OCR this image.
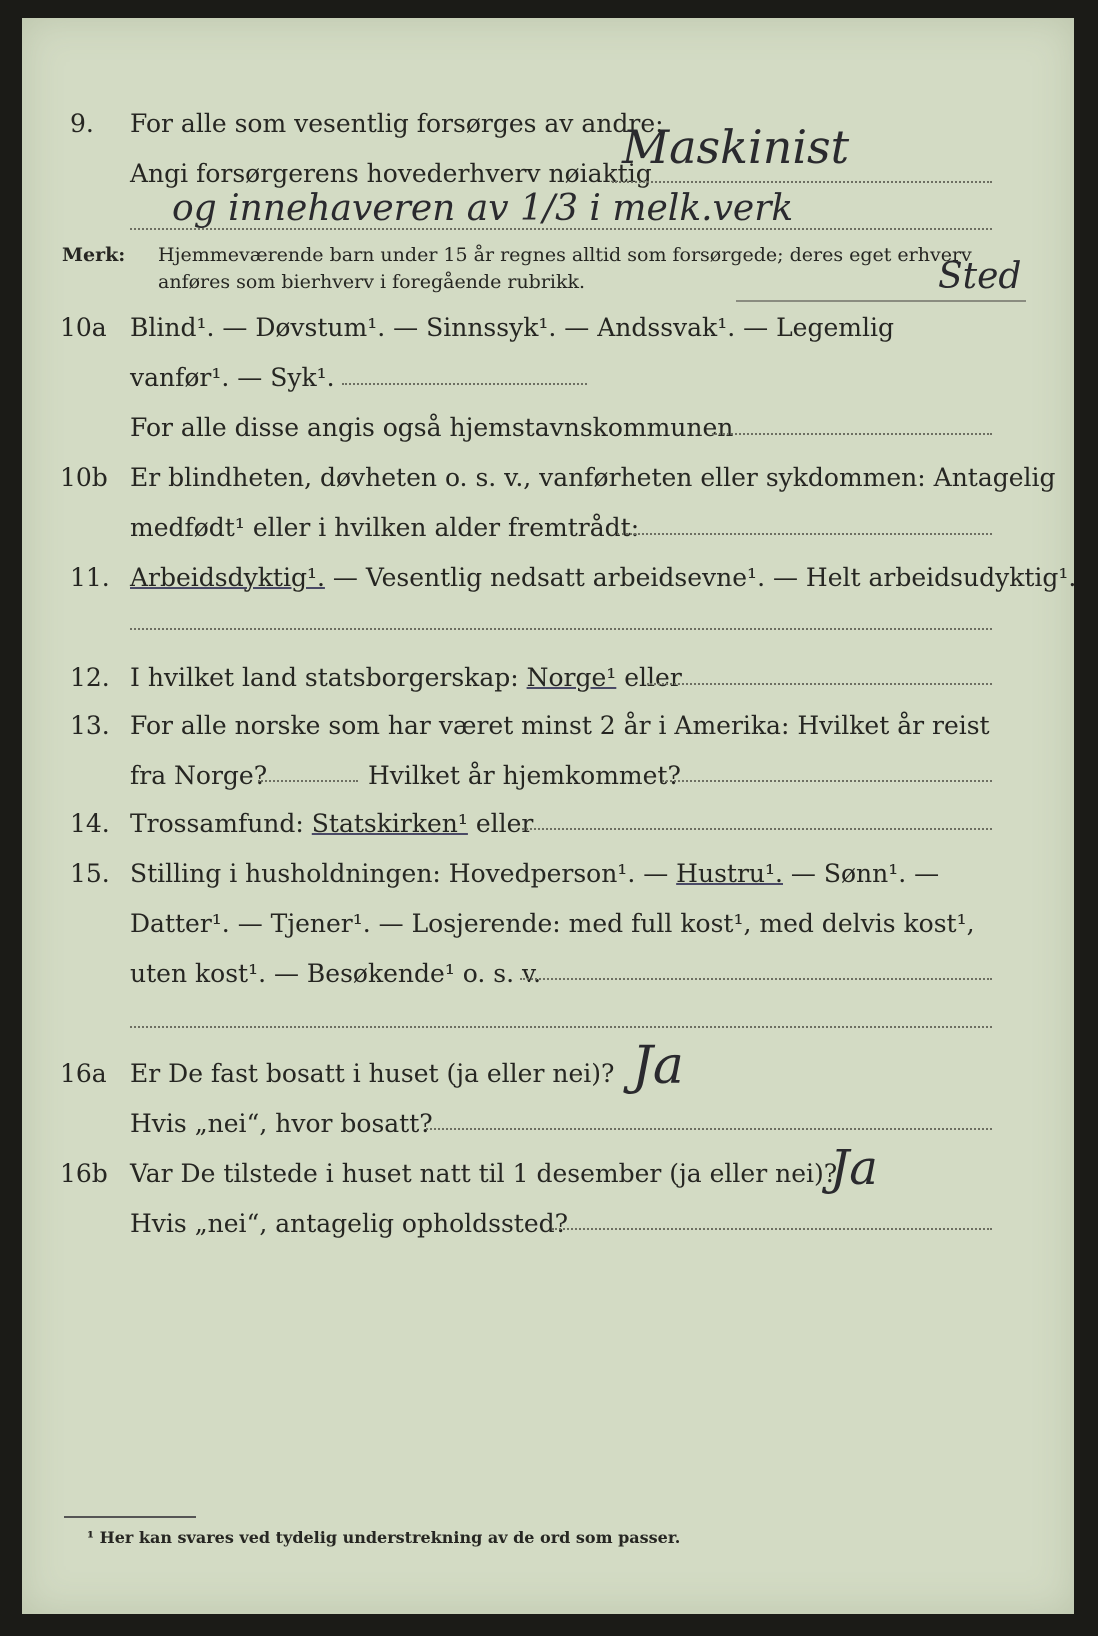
9.	For alle som vesentlig forsørges av andre:
Maskinist
Angi forsørgerens hovederhverv nøiaktig
og innehaveren av 1/3 i melk.verk
Merk: Hjemmeværende barn under 15 år regnes alltid som forsørgede; deres eget erhverv
anføres som bierhverv i foregående rubrikk.	Sted
10a Blind¹. — Døvstum¹. — Sinnssyk¹. — Andssvak¹. — Legemlig
vanfør¹. — Syk¹.
For alle disse angis også hjemstavnskommunen
10b Er blindheten, døvheten o. s. v., vanførheten eller sykdommen: Antagelig
medfødt¹ eller i hvilken alder fremtrådt:
11. Arbeidsdyktig¹. — Vesentlig nedsatt arbeidsevne¹. — Helt arbeidsudyktig¹.
12. I hvilket land statsborgerskap: Norge¹ eller
13. For alle norske som har været minst 2 år i Amerika: Hvilket år reist
fra Norge?	Hvilket år hjemkommet?
14. Trossamfund: Statskirken¹ eller
15. Stilling i husholdningen: Hovedperson¹. — Hustru¹. — Sønn¹. —
Datter¹. — Tjener¹. — Losjerende: med full kost¹, med delvis kost¹,
uten kost¹. — Besøkende¹ o. s. v.
16a Er De fast bosatt i huset (ja eller nei)? Ja
Hvis „nei“, hvor bosatt?
16b Var De tilstede i huset natt til 1 desember (ja eller nei)?
Ja
Hvis „nei“, antagelig opholdssted?
¹ Her kan svares ved tydelig understrekning av de ord som passer.
